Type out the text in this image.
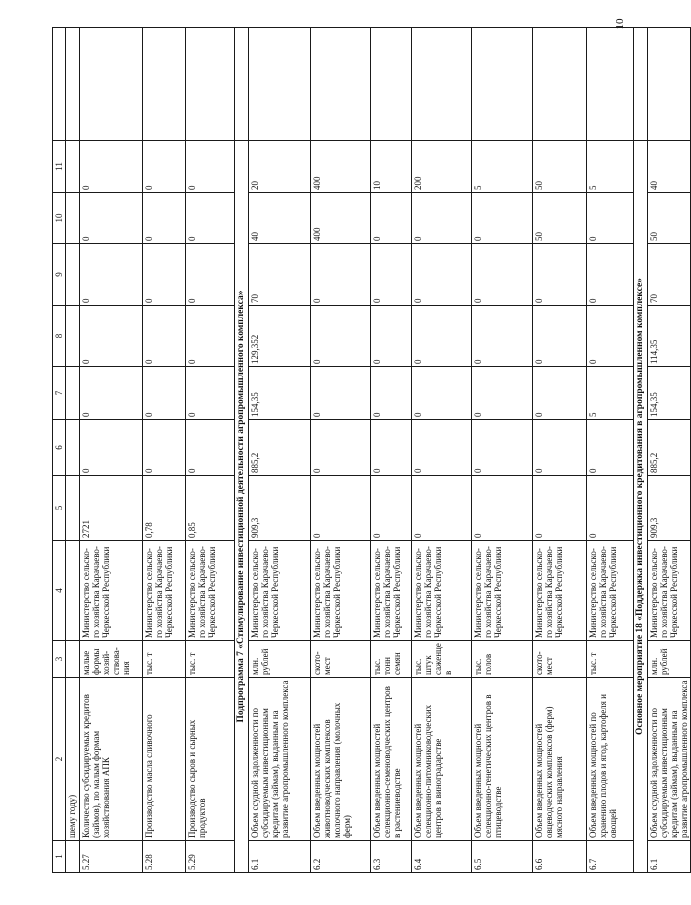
10
1	2	3	4	5	6	7	8	9	10	11	
	шему году)										
5.27	Количество субсидируемых кредитов (займов), по малым формам хозяйствования АПК	малые формы хозяй-ствова-ния	Министерство сельско-го хозяйства Карачаево-Черкесской Республики	2721	0	0	0	0	0	0	
5.28	Производство масла сливочного	тыс. т	Министерство сельско-го хозяйства Карачаево-Черкесской Республики	0,78	0	0	0	0	0	0	
5.29	Производство сыров и сырных продуктов	тыс. т	Министерство сельско-го хозяйства Карачаево-Черкесской Республики	0,85	0	0	0	0	0	0	
Подпрограмма 7 «Стимулирование инвестиционной деятельности агропромышленного комплекса»											
6.1	Объем ссудной задолженности по субсидируемым инвестиционным кредитам (займам), выданным на развитие агропромышленного комплекса	млн. рублей	Министерство сельско-го хозяйства Карачаево-Черкесской Республики	909,3	885,2	154,35	129,352	70	40	20	
6.2	Объем введенных мощностей животноводческих комплексов молочного направления (молочных ферм)	ското-мест	Министерство сельско-го хозяйства Карачаево-Черкесской Республики	0	0	0	0	0	400	400	
6.3	Объем введенных мощностей селекционно-семеноводческих центров в растениеводстве	тыс. тонн семян	Министерство сельско-го хозяйства Карачаево-Черкесской Республики	0	0	0	0	0	0	10	
6.4	Объем введенных мощностей селекционно-питомниководческих центров в виноградарстве	тыс. штук саженцев	Министерство сельско-го хозяйства Карачаево-Черкесской Республики	0	0	0	0	0	0	200	
6.5	Объем введенных мощностей селекционно-генетических центров в птицеводстве	тыс. голов	Министерство сельско-го хозяйства Карачаево-Черкесской Республики	0	0	0	0	0	0	5	
6.6	Объем введенных мощностей овцеводческих комплексов (ферм) мясного направления	ското-мест	Министерство сельско-го хозяйства Карачаево-Черкесской Республики	0	0	0	0	0	50	50	
6.7	Объем введенных мощностей по хранению плодов и ягод, картофеля и овощей	тыс. т	Министерство сельско-го хозяйства Карачаево-Черкесской Республики	0	0	5	0	0	0	5	
Основное мероприятие 18 «Поддержка инвестиционного кредитования в агропромышленном комплексе»											
6.1	Объем ссудной задолженности по субсидируемым инвестиционным кредитам (займам), выданным на развитие агропромышленного комплекса	млн. рублей	Министерство сельско-го хозяйства Карачаево-Черкесской Республики	909,3	885,2	154,35	114,35	70	50	40	
